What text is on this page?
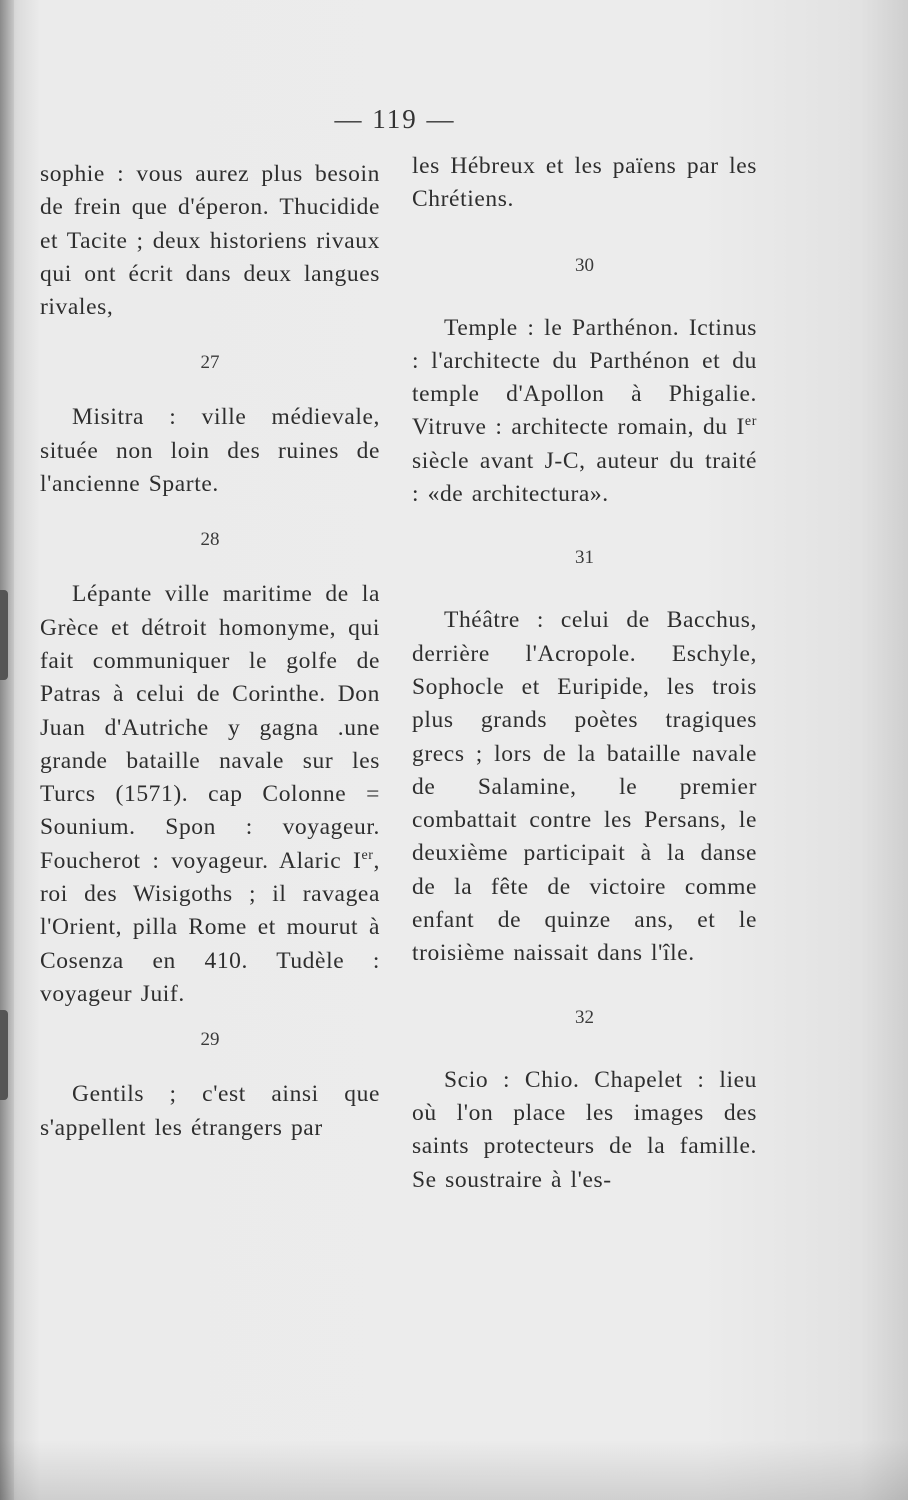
— 119 —

sophie : vous aurez plus besoin de frein que d'éperon. Thucidide et Tacite ; deux historiens rivaux qui ont écrit dans deux langues rivales,

27

Misitra : ville médievale, située non loin des ruines de l'ancienne Sparte.

28

Lépante ville maritime de la Grèce et détroit homonyme, qui fait communiquer le golfe de Patras à celui de Corinthe. Don Juan d'Autriche y gagna .une grande bataille navale sur les Turcs (1571). cap Colonne = Sounium. Spon : voyageur. Foucherot : voyageur. Alaric Ier, roi des Wisigoths ; il ravagea l'Orient, pilla Rome et mourut à Cosenza en 410. Tudèle : voyageur Juif.

29

Gentils ; c'est ainsi que s'appellent les étrangers par

les Hébreux et les païens par les Chrétiens.

30

Temple : le Parthénon. Ictinus : l'architecte du Parthénon et du temple d'Apollon à Phigalie. Vitruve : architecte romain, du Ier siècle avant J-C, auteur du traité : «de architectura».

31

Théâtre : celui de Bacchus, derrière l'Acropole. Eschyle, Sophocle et Euripide, les trois plus grands poètes tragiques grecs ; lors de la bataille navale de Salamine, le premier combattait contre les Persans, le deuxième participait à la danse de la fête de victoire comme enfant de quinze ans, et le troisième naissait dans l'île.

32

Scio : Chio. Chapelet : lieu où l'on place les images des saints protecteurs de la famille. Se soustraire à l'es-
